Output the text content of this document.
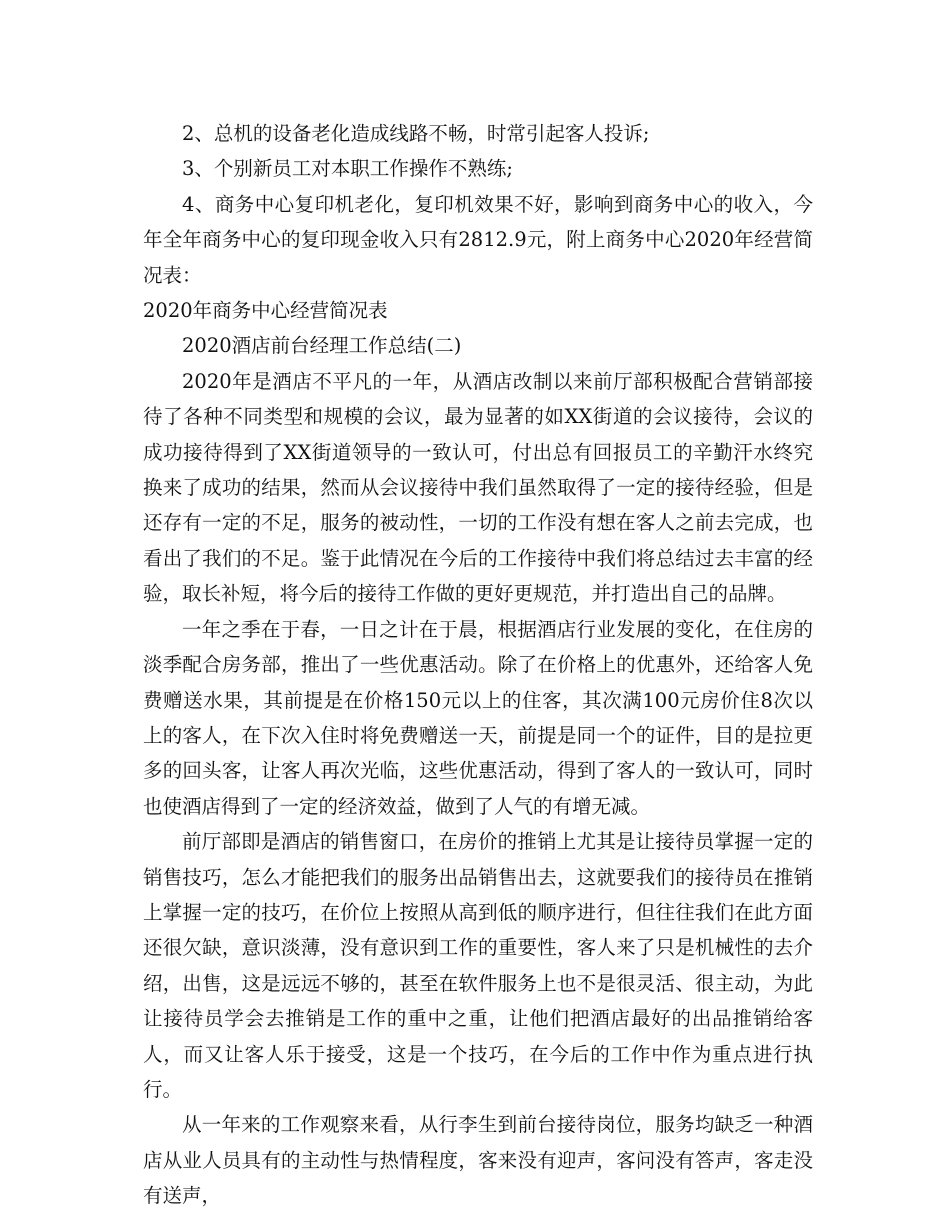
2、总机的设备老化造成线路不畅，时常引起客人投诉;

3、个别新员工对本职工作操作不熟练;

4、商务中心复印机老化，复印机效果不好，影响到商务中心的收入，今年全年商务中心的复印现金收入只有2812.9元，附上商务中心2020年经营简况表：

2020年商务中心经营简况表

2020酒店前台经理工作总结(二)

2020年是酒店不平凡的一年，从酒店改制以来前厅部积极配合营销部接待了各种不同类型和规模的会议，最为显著的如XX街道的会议接待，会议的成功接待得到了XX街道领导的一致认可，付出总有回报员工的辛勤汗水终究换来了成功的结果，然而从会议接待中我们虽然取得了一定的接待经验，但是还存有一定的不足，服务的被动性，一切的工作没有想在客人之前去完成，也看出了我们的不足。鉴于此情况在今后的工作接待中我们将总结过去丰富的经验，取长补短，将今后的接待工作做的更好更规范，并打造出自己的品牌。

一年之季在于春，一日之计在于晨，根据酒店行业发展的变化，在住房的淡季配合房务部，推出了一些优惠活动。除了在价格上的优惠外，还给客人免费赠送水果，其前提是在价格150元以上的住客，其次满100元房价住8次以上的客人，在下次入住时将免费赠送一天，前提是同一个的证件，目的是拉更多的回头客，让客人再次光临，这些优惠活动，得到了客人的一致认可，同时也使酒店得到了一定的经济效益，做到了人气的有增无减。

前厅部即是酒店的销售窗口，在房价的推销上尤其是让接待员掌握一定的销售技巧，怎么才能把我们的服务出品销售出去，这就要我们的接待员在推销上掌握一定的技巧，在价位上按照从高到低的顺序进行，但往往我们在此方面还很欠缺，意识淡薄，没有意识到工作的重要性，客人来了只是机械性的去介绍，出售，这是远远不够的，甚至在软件服务上也不是很灵活、很主动，为此让接待员学会去推销是工作的重中之重，让他们把酒店最好的出品推销给客人，而又让客人乐于接受，这是一个技巧，在今后的工作中作为重点进行执行。

从一年来的工作观察来看，从行李生到前台接待岗位，服务均缺乏一种酒店从业人员具有的主动性与热情程度，客来没有迎声，客问没有答声，客走没有送声，
